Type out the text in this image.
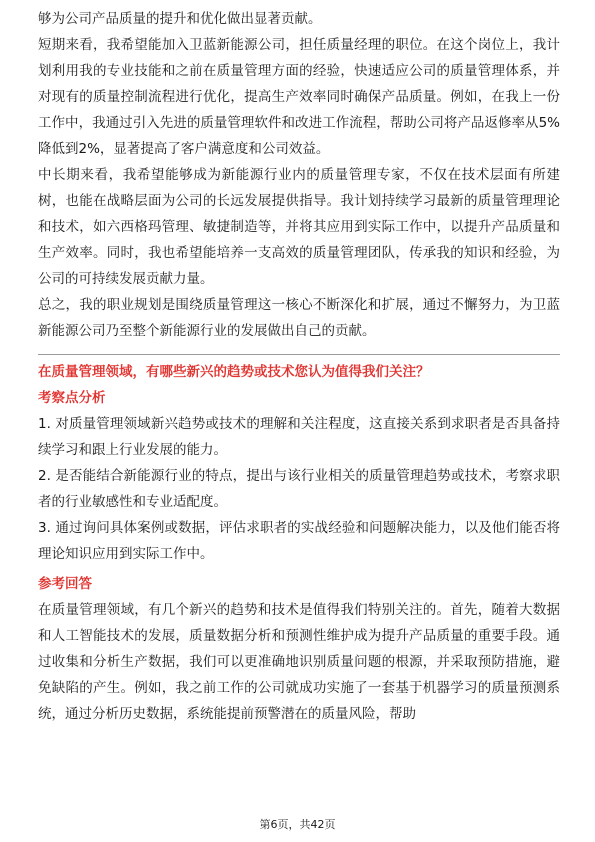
够为公司产品质量的提升和优化做出显著贡献。

短期来看，我希望能加入卫蓝新能源公司，担任质量经理的职位。在这个岗位上，我计划利用我的专业技能和之前在质量管理方面的经验，快速适应公司的质量管理体系，并对现有的质量控制流程进行优化，提高生产效率同时确保产品质量。例如，在我上一份工作中，我通过引入先进的质量管理软件和改进工作流程，帮助公司将产品返修率从5%降低到2%，显著提高了客户满意度和公司效益。

中长期来看，我希望能够成为新能源行业内的质量管理专家，不仅在技术层面有所建树，也能在战略层面为公司的长远发展提供指导。我计划持续学习最新的质量管理理论和技术，如六西格玛管理、敏捷制造等，并将其应用到实际工作中，以提升产品质量和生产效率。同时，我也希望能培养一支高效的质量管理团队，传承我的知识和经验，为公司的可持续发展贡献力量。

总之，我的职业规划是围绕质量管理这一核心不断深化和扩展，通过不懈努力，为卫蓝新能源公司乃至整个新能源行业的发展做出自己的贡献。

在质量管理领域，有哪些新兴的趋势或技术您认为值得我们关注？

考察点分析

1. 对质量管理领域新兴趋势或技术的理解和关注程度，这直接关系到求职者是否具备持续学习和跟上行业发展的能力。

2. 是否能结合新能源行业的特点，提出与该行业相关的质量管理趋势或技术，考察求职者的行业敏感性和专业适配度。

3. 通过询问具体案例或数据，评估求职者的实战经验和问题解决能力，以及他们能否将理论知识应用到实际工作中。

参考回答

在质量管理领域，有几个新兴的趋势和技术是值得我们特别关注的。首先，随着大数据和人工智能技术的发展，质量数据分析和预测性维护成为提升产品质量的重要手段。通过收集和分析生产数据，我们可以更准确地识别质量问题的根源，并采取预防措施，避免缺陷的产生。例如，我之前工作的公司就成功实施了一套基于机器学习的质量预测系统，通过分析历史数据，系统能提前预警潜在的质量风险，帮助

第6页，共42页
